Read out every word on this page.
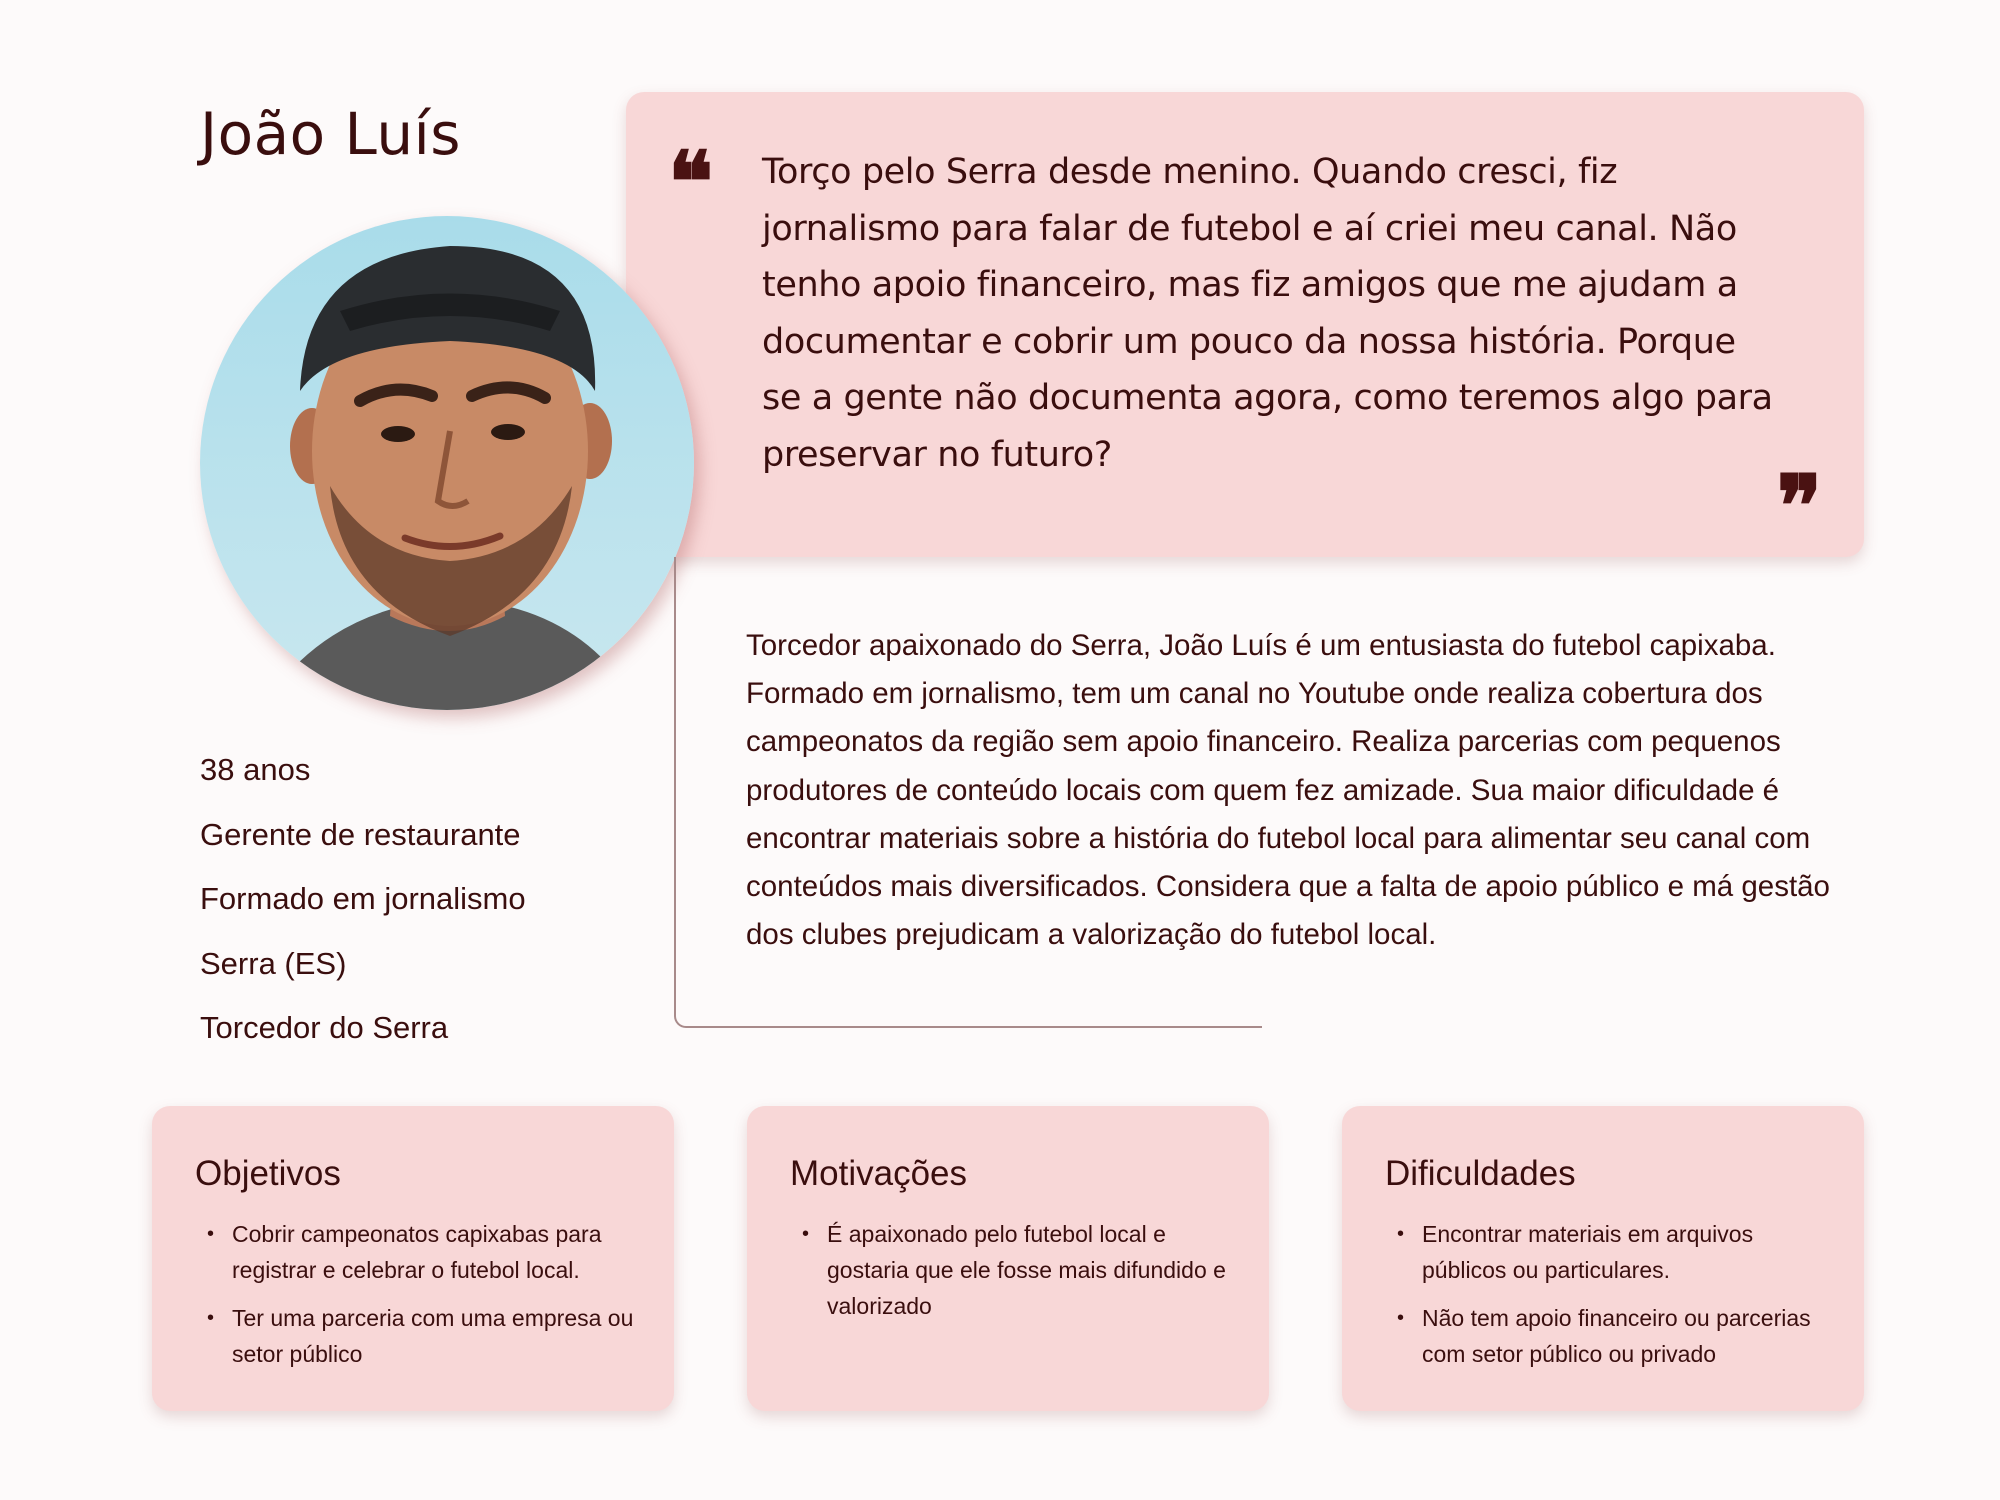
João Luís ❝ Torço pelo Serra desde menino. Quando cresci, fiz jornalismo para falar de futebol e aí criei meu canal. Não tenho apoio financeiro, mas fiz amigos que me ajudam a documentar e cobrir um pouco da nossa história. Porque se a gente não documenta agora, como teremos algo para preservar no futuro?

❞
38 anos
Gerente de restaurante
Formado em jornalismo
Serra (ES)
Torcedor do Serra

Torcedor apaixonado do Serra, João Luís é um entusiasta do futebol capixaba. Formado em jornalismo, tem um canal no Youtube onde realiza cobertura dos campeonatos da região sem apoio financeiro. Realiza parcerias com pequenos produtores de conteúdo locais com quem fez amizade. Sua maior dificuldade é encontrar materiais sobre a história do futebol local para alimentar seu canal com conteúdos mais diversificados. Considera que a falta de apoio público e má gestão dos clubes prejudicam a valorização do futebol local.

Objetivos
• Cobrir campeonatos capixabas para registrar e celebrar o futebol local.
• Ter uma parceria com uma empresa ou setor público
Motivações
• É apaixonado pelo futebol local e gostaria que ele fosse mais difundido e valorizado
Dificuldades
• Encontrar materiais em arquivos públicos ou particulares.
• Não tem apoio financeiro ou parcerias com setor público ou privado
